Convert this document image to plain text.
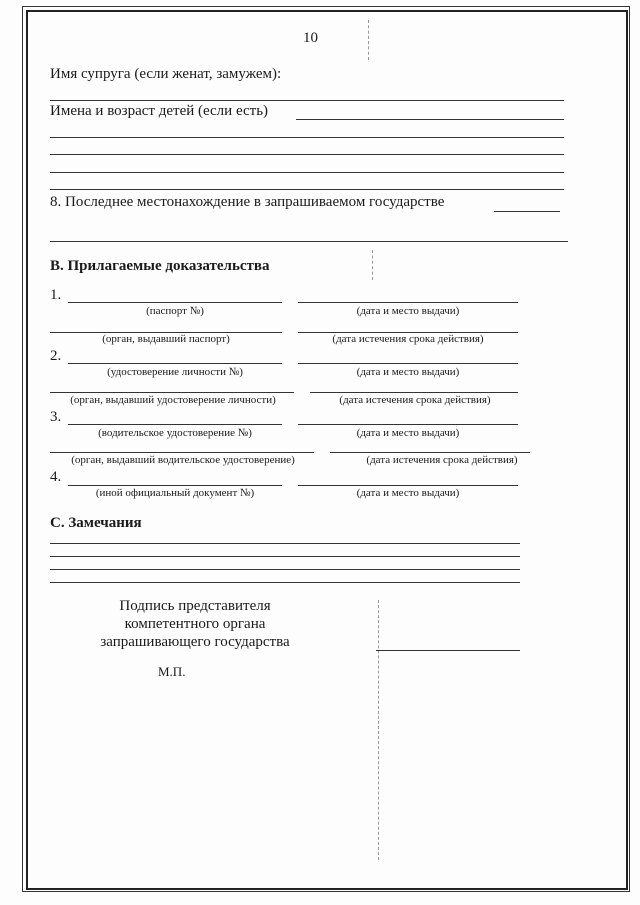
10
Имя супруга (если женат, замужем):
Имена и возраст детей (если есть)
8. Последнее местонахождение в запрашиваемом государстве
B. Прилагаемые доказательства
1.
(паспорт №)	(дата и место выдачи)
(орган, выдавший паспорт)	(дата истечения срока действия)
2.
(удостоверение личности №)	(дата и место выдачи)
(орган, выдавший удостоверение личности)	(дата истечения срока действия)
3.
(водительское удостоверение №)	(дата и место выдачи)
(орган, выдавший водительское удостоверение)	(дата истечения срока действия)
4.
(иной официальный документ №)	(дата и место выдачи)
C. Замечания
Подпись представителя
компетентного органа
запрашивающего государства
М.П.
